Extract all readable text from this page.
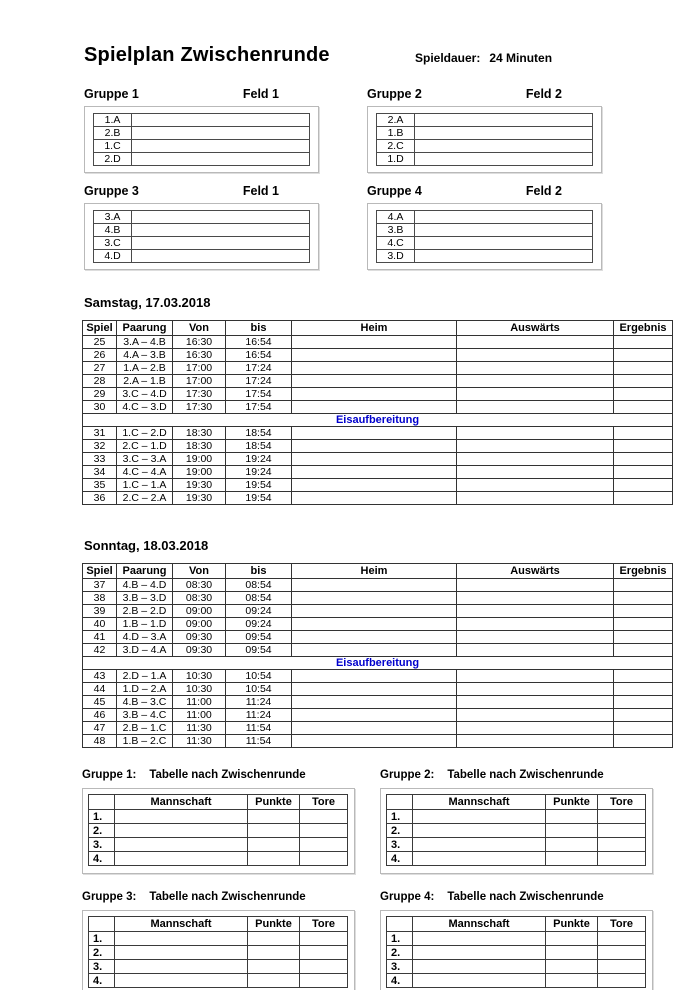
Spielplan Zwischenrunde	Spieldauer: 24 Minuten
Gruppe 1	Feld 1
1.A	
2.B	
1.C	
2.D	
Gruppe 2	Feld 2
2.A	
1.B	
2.C	
1.D	
Gruppe 3	Feld 1
3.A	
4.B	
3.C	
4.D	
Gruppe 4	Feld 2
4.A	
3.B	
4.C	
3.D	
Samstag, 17.03.2018
Spiel	Paarung	Von	bis	Heim	Auswärts	Ergebnis
25	3.A – 4.B	16:30	16:54			
26	4.A – 3.B	16:30	16:54			
27	1.A – 2.B	17:00	17:24			
28	2.A – 1.B	17:00	17:24			
29	3.C – 4.D	17:30	17:54			
30	4.C – 3.D	17:30	17:54			
Eisaufbereitung						
31	1.C – 2.D	18:30	18:54			
32	2.C – 1.D	18:30	18:54			
33	3.C – 3.A	19:00	19:24			
34	4.C – 4.A	19:00	19:24			
35	1.C – 1.A	19:30	19:54			
36	2.C – 2.A	19:30	19:54			
Sonntag, 18.03.2018
Spiel	Paarung	Von	bis	Heim	Auswärts	Ergebnis
37	4.B – 4.D	08:30	08:54			
38	3.B – 3.D	08:30	08:54			
39	2.B – 2.D	09:00	09:24			
40	1.B – 1.D	09:00	09:24			
41	4.D – 3.A	09:30	09:54			
42	3.D – 4.A	09:30	09:54			
Eisaufbereitung						
43	2.D – 1.A	10:30	10:54			
44	1.D – 2.A	10:30	10:54			
45	4.B – 3.C	11:00	11:24			
46	3.B – 4.C	11:00	11:24			
47	2.B – 1.C	11:30	11:54			
48	1.B – 2.C	11:30	11:54			
Gruppe 1: Tabelle nach Zwischenrunde
	Mannschaft	Punkte	Tore
1.			
2.			
3.			
4.			
Gruppe 2: Tabelle nach Zwischenrunde
	Mannschaft	Punkte	Tore
1.			
2.			
3.			
4.			
Gruppe 3: Tabelle nach Zwischenrunde
	Mannschaft	Punkte	Tore
1.			
2.			
3.			
4.			
Gruppe 4: Tabelle nach Zwischenrunde
	Mannschaft	Punkte	Tore
1.			
2.			
3.			
4.			
